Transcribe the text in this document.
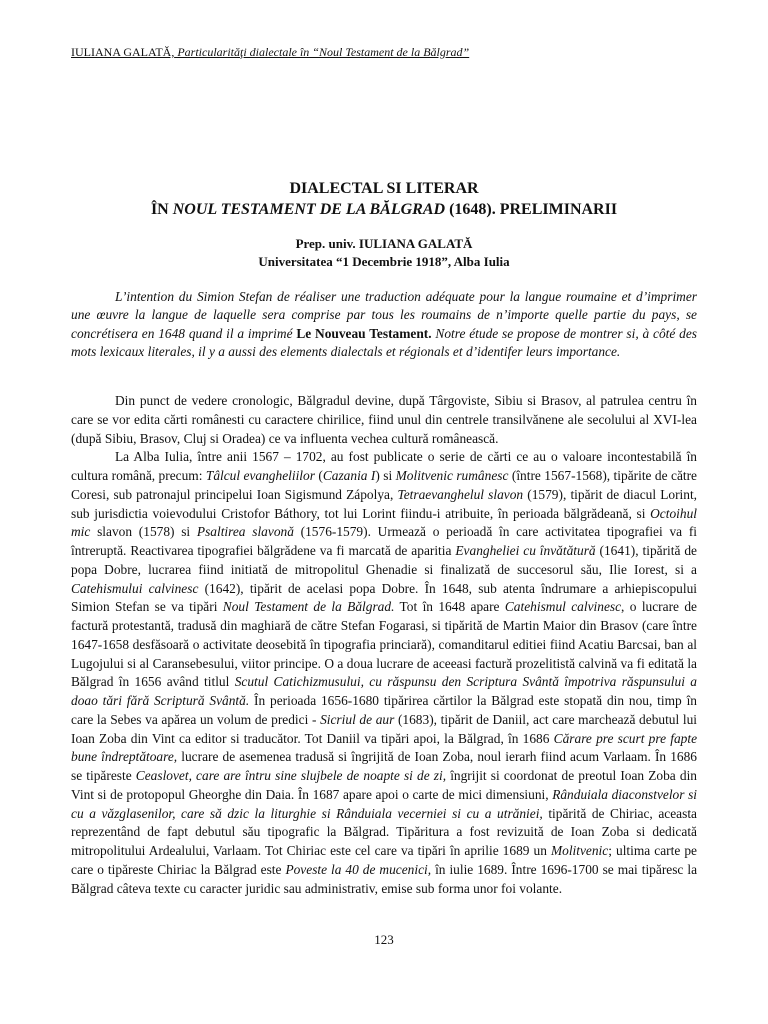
IULIANA GALATĂ, Particularităţi dialectale în “Noul Testament de la Bălgrad”
DIALECTAL SI LITERAR
ÎN NOUL TESTAMENT DE LA BĂLGRAD (1648). PRELIMINARII
Prep. univ. IULIANA GALATĂ
Universitatea “1 Decembrie 1918”, Alba Iulia
L’intention du Simion Stefan de réaliser une traduction adéquate pour la langue roumaine et d’imprimer une œuvre la langue de laquelle sera comprise par tous les roumains de n’importe quelle partie du pays, se concrétisera en 1648 quand il a imprimé Le Nouveau Testament. Notre étude se propose de montrer si, à côté des mots lexicaux literales, il y a aussi des elements dialectals et régionals et d’identifer leurs importance.

Din punct de vedere cronologic, Bălgradul devine, după Târgoviste, Sibiu si Brasov, al patrulea centru în care se vor edita cărti românesti cu caractere chirilice, fiind unul din centrele transilvănene ale secolului al XVI-lea (după Sibiu, Brasov, Cluj si Oradea) ce va influenta vechea cultură românească.

La Alba Iulia, între anii 1567 – 1702, au fost publicate o serie de cărti ce au o valoare incontestabilă în cultura română, precum: Tâlcul evangheliilor (Cazania I) si Molitvenic rumânesc (între 1567-1568), tipărite de către Coresi, sub patronajul principelui Ioan Sigismund Zápolya, Tetraevanghelul slavon (1579), tipărit de diacul Lorint, sub jurisdictia voievodului Cristofor Báthory, tot lui Lorint fiindu-i atribuite, în perioada bălgrădeană, si Octoihul mic slavon (1578) si Psaltirea slavonă (1576-1579). Urmează o perioadă în care activitatea tipografiei va fi întreruptă. Reactivarea tipografiei bălgrădene va fi marcată de aparitia Evangheliei cu învătătură (1641), tipărită de popa Dobre, lucrarea fiind initiată de mitropolitul Ghenadie si finalizată de succesorul său, Ilie Iorest, si a Catehismului calvinesc (1642), tipărit de acelasi popa Dobre. În 1648, sub atenta îndrumare a arhiepiscopului Simion Stefan se va tipări Noul Testament de la Bălgrad. Tot în 1648 apare Catehismul calvinesc, o lucrare de factură protestantă, tradusă din maghiară de către Stefan Fogarasi, si tipărită de Martin Maior din Brasov (care între 1647-1658 desfăsoară o activitate deosebită în tipografia princiară), comanditarul editiei fiind Acatiu Barcsai, ban al Lugojului si al Caransebesului, viitor principe. O a doua lucrare de aceeasi factură prozelitistă calvină va fi editată la Bălgrad în 1656 având titlul Scutul Catichizmusului, cu răspunsu den Scriptura Svântă împotriva răspunsului a doao tări fără Scriptură Svântă. În perioada 1656-1680 tipărirea cărtilor la Bălgrad este stopată din nou, timp în care la Sebes va apărea un volum de predici - Sicriul de aur (1683), tipărit de Daniil, act care marchează debutul lui Ioan Zoba din Vint ca editor si traducător. Tot Daniil va tipări apoi, la Bălgrad, în 1686 Cărare pre scurt pre fapte bune îndreptătoare, lucrare de asemenea tradusă si îngrijită de Ioan Zoba, noul ierarh fiind acum Varlaam. În 1686 se tipăreste Ceaslovet, care are întru sine slujbele de noapte si de zi, îngrijit si coordonat de preotul Ioan Zoba din Vint si de protopopul Gheorghe din Daia. În 1687 apare apoi o carte de mici dimensiuni, Rânduiala diaconstvelor si cu a văzglasenilor, care să dzic la liturghie si Rânduiala vecerniei si cu a utrăniei, tipărită de Chiriac, aceasta reprezentând de fapt debutul său tipografic la Bălgrad. Tipăritura a fost revizuită de Ioan Zoba si dedicată mitropolitului Ardealului, Varlaam. Tot Chiriac este cel care va tipări în aprilie 1689 un Molitvenic; ultima carte pe care o tipăreste Chiriac la Bălgrad este Poveste la 40 de mucenici, în iulie 1689. Între 1696-1700 se mai tipăresc la Bălgrad câteva texte cu caracter juridic sau administrativ, emise sub forma unor foi volante.

123
